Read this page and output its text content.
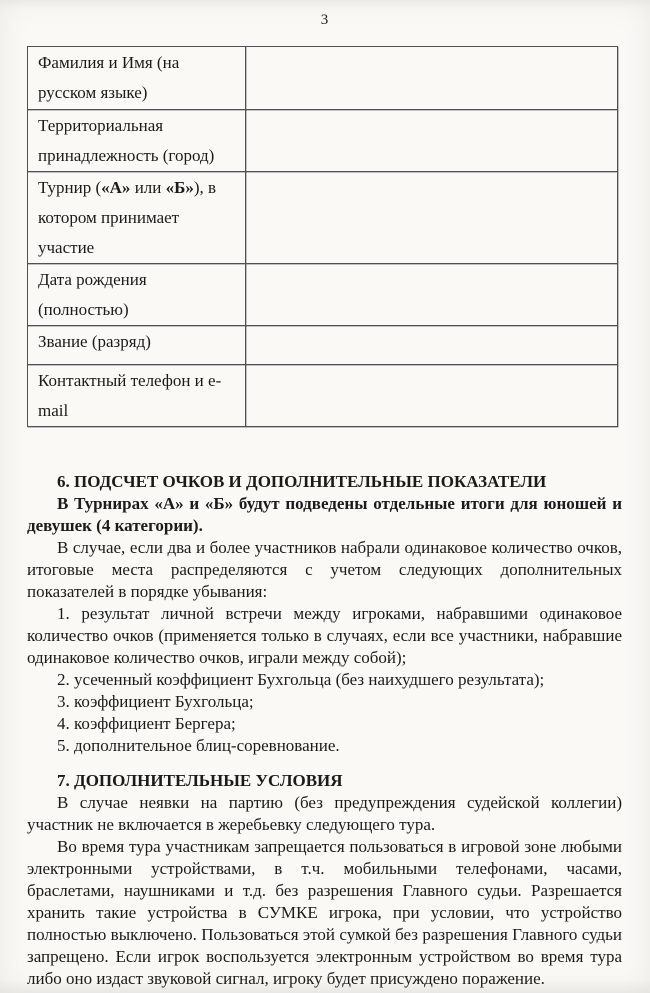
3
Фамилия и Имя (на русском языке)	
Территориальная принадлежность (город)	
Турнир («А» или «Б»), в котором принимает участие	
Дата рождения (полностью)	
Звание (разряд)	
Контактный телефон и e-mail	
6. ПОДСЧЕТ ОЧКОВ И ДОПОЛНИТЕЛЬНЫЕ ПОКАЗАТЕЛИ

В Турнирах «А» и «Б» будут подведены отдельные итоги для юношей и девушек (4 категории).

В случае, если два и более участников набрали одинаковое количество очков, итоговые места распределяются с учетом следующих дополнительных показателей в порядке убывания:

1. результат личной встречи между игроками, набравшими одинаковое количество очков (применяется только в случаях, если все участники, набравшие одинаковое количество очков, играли между собой);

2. усеченный коэффициент Бухгольца (без наихудшего результата);

3. коэффициент Бухгольца;

4. коэффициент Бергера;

5. дополнительное блиц-соревнование.

7. ДОПОЛНИТЕЛЬНЫЕ УСЛОВИЯ

В случае неявки на партию (без предупреждения судейской коллегии) участник не включается в жеребьевку следующего тура.

Во время тура участникам запрещается пользоваться в игровой зоне любыми электронными устройствами, в т.ч. мобильными телефонами, часами, браслетами, наушниками и т.д. без разрешения Главного судьи. Разрешается хранить такие устройства в СУМКЕ игрока, при условии, что устройство полностью выключено. Пользоваться этой сумкой без разрешения Главного судьи запрещено. Если игрок воспользуется электронным устройством во время тура либо оно издаст звуковой сигнал, игроку будет присуждено поражение.
